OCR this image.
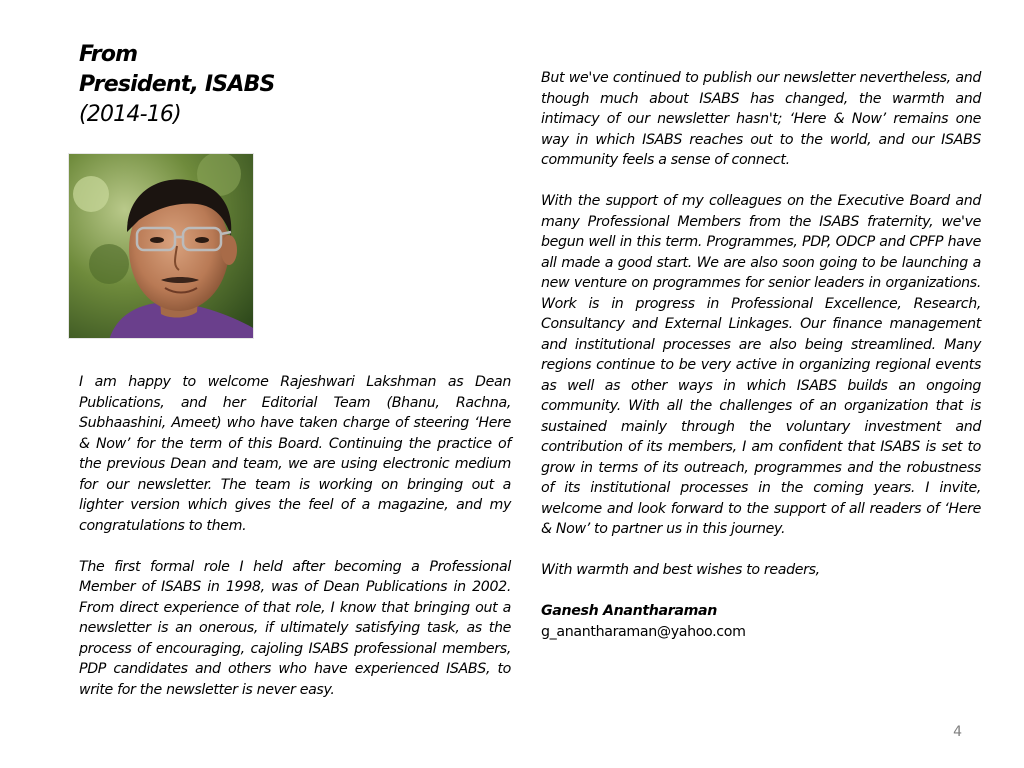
From
President, ISABS
(2014-16)

I am happy to welcome Rajeshwari Lakshman as Dean Publications, and her Editorial Team (Bhanu, Rachna, Subhaashini, Ameet) who have taken charge of steering ‘Here & Now’ for the term of this Board. Continuing the practice of the previous Dean and team, we are using electronic medium for our newsletter. The team is working on bringing out a lighter version which gives the feel of a magazine, and my congratulations to them.

The first formal role I held after becoming a Professional Member of ISABS in 1998, was of Dean Publications in 2002. From direct experience of that role, I know that bringing out a newsletter is an onerous, if ultimately satisfying task, as the process of encouraging, cajoling ISABS professional members, PDP candidates and others who have experienced ISABS, to write for the newsletter is never easy.

But we've continued to publish our newsletter nevertheless, and though much about ISABS has changed, the warmth and intimacy of our newsletter hasn't; ‘Here & Now’ remains one way in which ISABS reaches out to the world, and our ISABS community feels a sense of connect.

With the support of my colleagues on the Executive Board and many Professional Members from the ISABS fraternity, we've begun well in this term. Programmes, PDP, ODCP and CPFP have all made a good start. We are also soon going to be launching a new venture on programmes for senior leaders in organizations. Work is in progress in Professional Excellence, Research, Consultancy and External Linkages. Our finance management and institutional processes are also being streamlined. Many regions continue to be very active in organizing regional events as well as other ways in which ISABS builds an ongoing community. With all the challenges of an organization that is sustained mainly through the voluntary investment and contribution of its members, I am confident that ISABS is set to grow in terms of its outreach, programmes and the robustness of its institutional processes in the coming years. I invite, welcome and look forward to the support of all readers of ‘Here & Now’ to partner us in this journey.

With warmth and best wishes to readers,

Ganesh Anantharaman
g_anantharaman@yahoo.com
4
